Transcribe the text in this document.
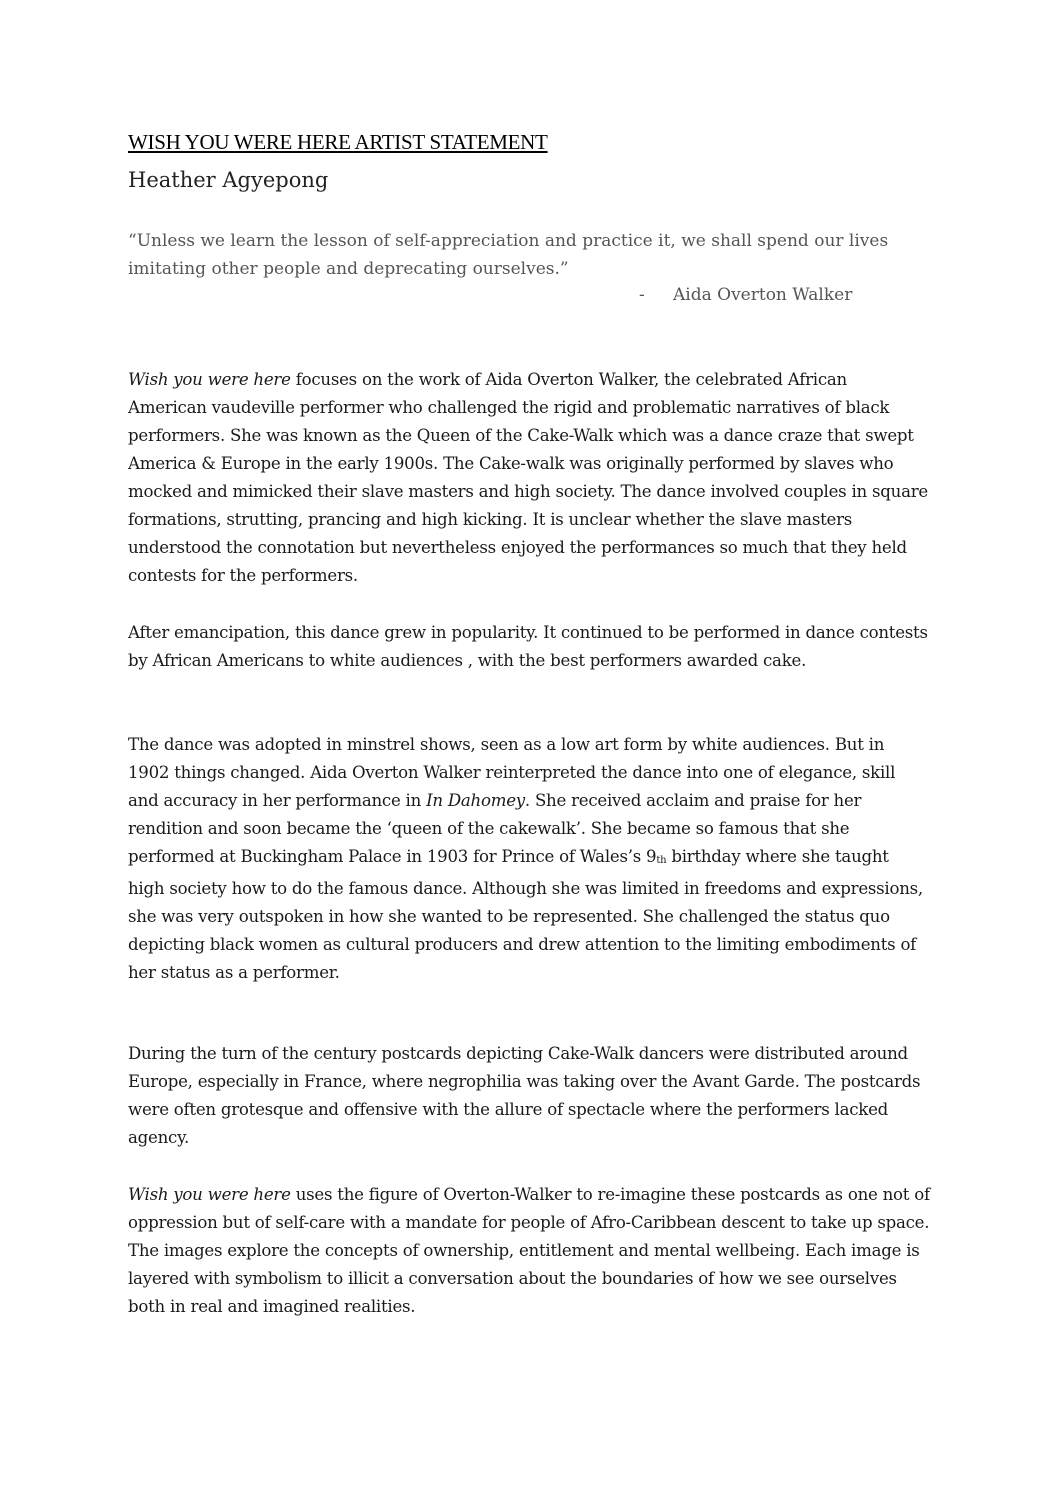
WISH YOU WERE HERE ARTIST STATEMENT
Heather Agyepong

“Unless we learn the lesson of self-appreciation and practice it, we shall spend our lives imitating other people and deprecating ourselves.”

- Aida Overton Walker

Wish you were here focuses on the work of Aida Overton Walker, the celebrated African American vaudeville performer who challenged the rigid and problematic narratives of black performers. She was known as the Queen of the Cake-Walk which was a dance craze that swept America & Europe in the early 1900s. The Cake-walk was originally performed by slaves who mocked and mimicked their slave masters and high society. The dance involved couples in square formations, strutting, prancing and high kicking. It is unclear whether the slave masters understood the connotation but nevertheless enjoyed the performances so much that they held contests for the performers.

After emancipation, this dance grew in popularity. It continued to be performed in dance contests by African Americans to white audiences , with the best performers awarded cake.

The dance was adopted in minstrel shows, seen as a low art form by white audiences. But in 1902 things changed. Aida Overton Walker reinterpreted the dance into one of elegance, skill and accuracy in her performance in In Dahomey. She received acclaim and praise for her rendition and soon became the ‘queen of the cakewalk’. She became so famous that she performed at Buckingham Palace in 1903 for Prince of Wales’s $9_{th}$ birthday where she taught high society how to do the famous dance. Although she was limited in freedoms and expressions, she was very outspoken in how she wanted to be represented. She challenged the status quo depicting black women as cultural producers and drew attention to the limiting embodiments of her status as a performer.

During the turn of the century postcards depicting Cake-Walk dancers were distributed around Europe, especially in France, where negrophilia was taking over the Avant Garde. The postcards were often grotesque and offensive with the allure of spectacle where the performers lacked agency.

Wish you were here uses the figure of Overton-Walker to re-imagine these postcards as one not of oppression but of self-care with a mandate for people of Afro-Caribbean descent to take up space. The images explore the concepts of ownership, entitlement and mental wellbeing. Each image is layered with symbolism to illicit a conversation about the boundaries of how we see ourselves both in real and imagined realities.
